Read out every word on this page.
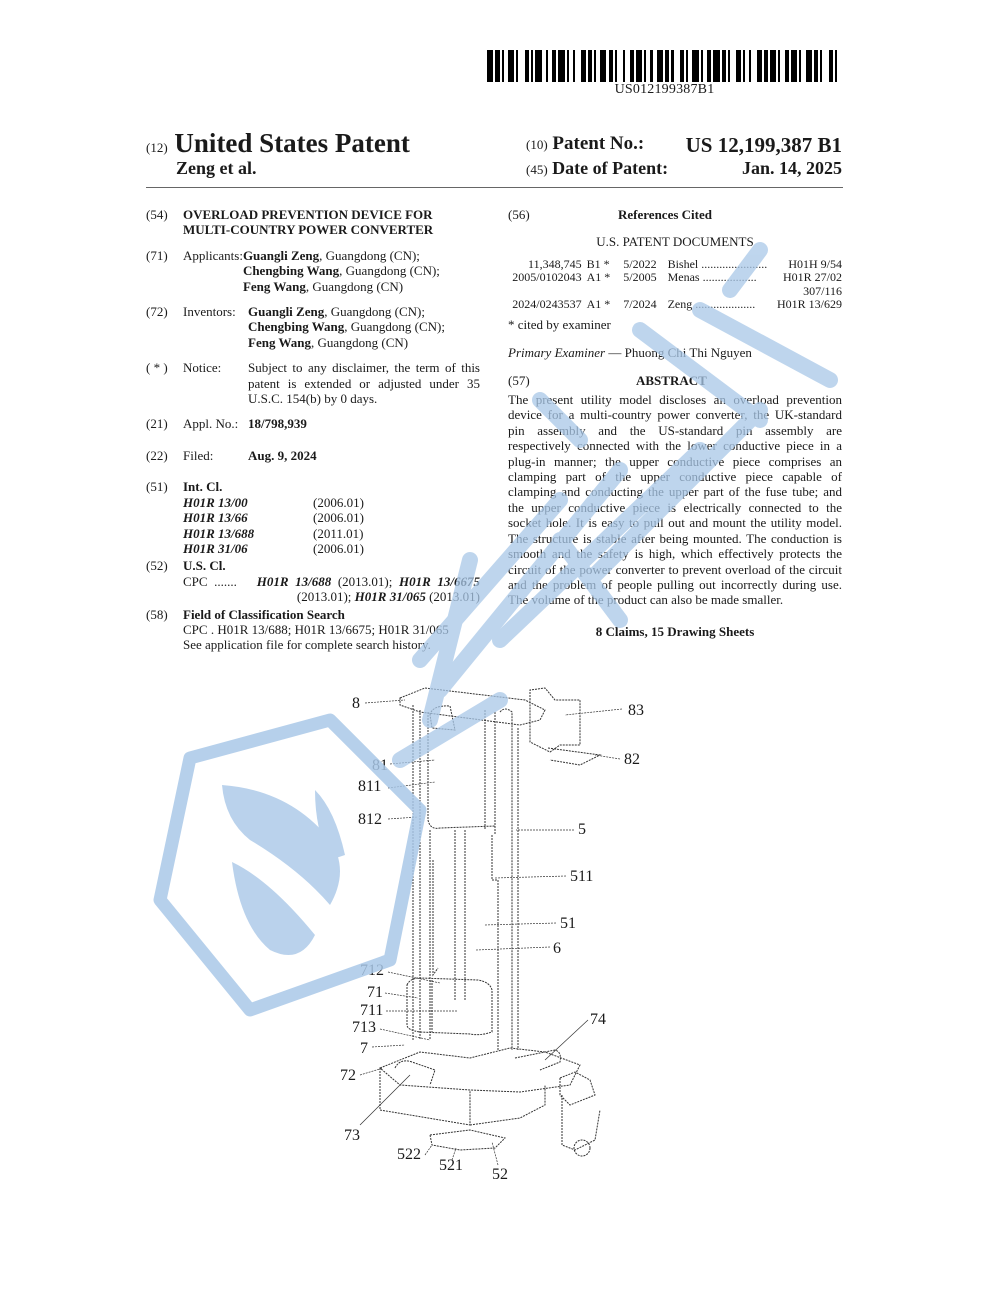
US012199387B1
(12) United States Patent
Zeng et al.
(10) Patent No.: US 12,199,387 B1
(45) Date of Patent:	Jan. 14, 2025
(54)	OVERLOAD PREVENTION DEVICE FOR MULTI-COUNTRY POWER CONVERTER
(71)	Applicants: Guangli Zeng, Guangdong (CN);
Chengbing Wang, Guangdong (CN);
Feng Wang, Guangdong (CN)
(72)	Inventors: Guangli Zeng, Guangdong (CN);
Chengbing Wang, Guangdong (CN);
Feng Wang, Guangdong (CN)
( * )	Notice:	Subject to any disclaimer, the term of this patent is extended or adjusted under 35 U.S.C. 154(b) by 0 days.
(21)	Appl. No.: 18/798,939
(22)	Filed:	Aug. 9, 2024
(51)	Int. Cl.
H01R 13/00	(2006.01)
H01R 13/66	(2006.01)
H01R 13/688	(2011.01)
H01R 31/06	(2006.01)
(52)	U.S. Cl.
CPC ....... H01R 13/688 (2013.01); H01R 13/6675 (2013.01); H01R 31/065 (2013.01)
(58)	Field of Classification Search
CPC . H01R 13/688; H01R 13/6675; H01R 31/065
See application file for complete search history.
(56)	References Cited
U.S. PATENT DOCUMENTS
11,348,745	B1 *	5/2022	Bishel ......................	H01H 9/54
2005/0102043	A1 *	5/2005	Menas ..................	H01R 27/02
				307/116
2024/0243537	A1 *	7/2024	Zeng ....................	H01R 13/629
* cited by examiner
Primary Examiner — Phuong Chi Thi Nguyen
(57)	ABSTRACT
The present utility model discloses an overload prevention device for a multi-country power converter, the UK-standard pin assembly and the US-standard pin assembly are respectively connected with the lower conductive piece in a plug-in manner; the upper conductive piece comprises an clamping part of the upper conductive piece capable of clamping and conducting the upper part of the fuse tube; and the upper conductive piece is electrically connected to the socket hole. It is easy to pull out and mount the utility model. The structure is stable after being mounted. The conduction is smooth and the safety is high, which effectively protects the circuit of the power converter to prevent overload of the circuit and the problem of people pulling out incorrectly during use. The volume of the product can also be made smaller.
8 Claims, 15 Drawing Sheets
8	83
82
81
811
812
5
511
51
6
712
71
711
713	74
7
72
73
522
521
52
